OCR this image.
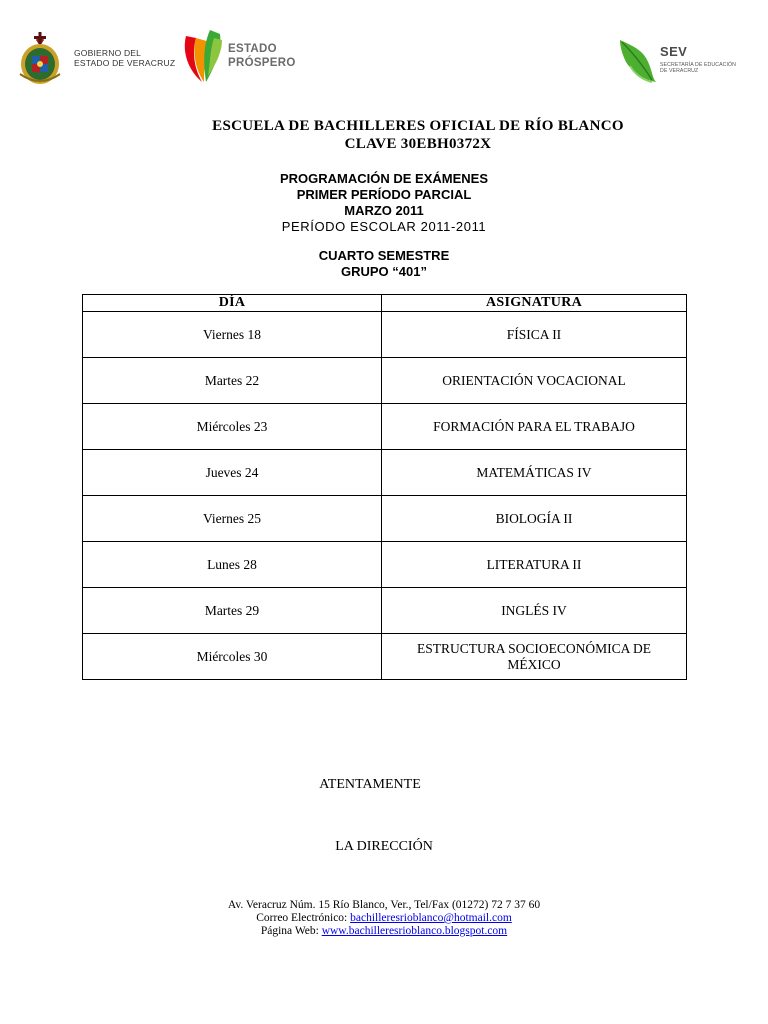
GOBIERNO DEL
ESTADO DE VERACRUZ
ESTADO
PRÓSPERO
SEV
SECRETARÍA DE EDUCACIÓN
DE VERACRUZ
ESCUELA DE BACHILLERES OFICIAL DE RÍO BLANCO
CLAVE 30EBH0372X
PROGRAMACIÓN DE EXÁMENES
PRIMER PERÍODO PARCIAL
MARZO 2011
PERÍODO ESCOLAR 2011-2011
CUARTO SEMESTRE
GRUPO “401”
DÍA	ASIGNATURA
Viernes 18	FÍSICA II
Martes 22	ORIENTACIÓN VOCACIONAL
Miércoles 23	FORMACIÓN PARA EL TRABAJO
Jueves 24	MATEMÁTICAS IV
Viernes 25	BIOLOGÍA II
Lunes 28	LITERATURA II
Martes 29	INGLÉS IV
Miércoles 30	ESTRUCTURA SOCIOECONÓMICA DE MÉXICO
ATENTAMENTE
LA DIRECCIÓN
Av. Veracruz Núm. 15 Río Blanco, Ver., Tel/Fax (01272) 72 7 37 60
Correo Electrónico: bachilleresrioblanco@hotmail.com
Página Web: www.bachilleresrioblanco.blogspot.com
